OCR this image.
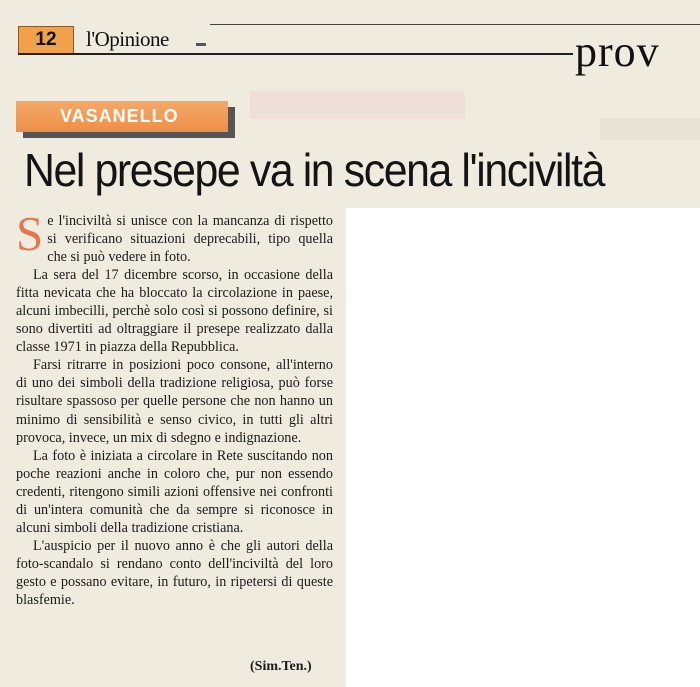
12	l'Opinione	prov
VASANELLO
Nel presepe va in scena l'inciviltà

Se l'inciviltà si unisce con la mancanza di rispetto si verificano situazioni deprecabili, tipo quella che si può vedere in foto.

La sera del 17 dicembre scorso, in occasione della fitta nevicata che ha bloccato la circolazione in paese, alcuni imbecilli, perchè solo così si possono definire, si sono divertiti ad oltraggiare il presepe realizzato dalla classe 1971 in piazza della Repubblica.

Farsi ritrarre in posizioni poco consone, all'interno di uno dei simboli della tradizione religiosa, può forse risultare spassoso per quelle persone che non hanno un minimo di sensibilità e senso civico, in tutti gli altri provoca, invece, un mix di sdegno e indignazione.

La foto è iniziata a circolare in Rete suscitando non poche reazioni anche in coloro che, pur non essendo credenti, ritengono simili azioni offensive nei confronti di un'intera comunità che da sempre si riconosce in alcuni simboli della tradizione cristiana.

L'auspicio per il nuovo anno è che gli autori della foto-scandalo si rendano conto dell'inciviltà del loro gesto e possano evitare, in futuro, in ripetersi di queste blasfemie.

(Sim.Ten.)
